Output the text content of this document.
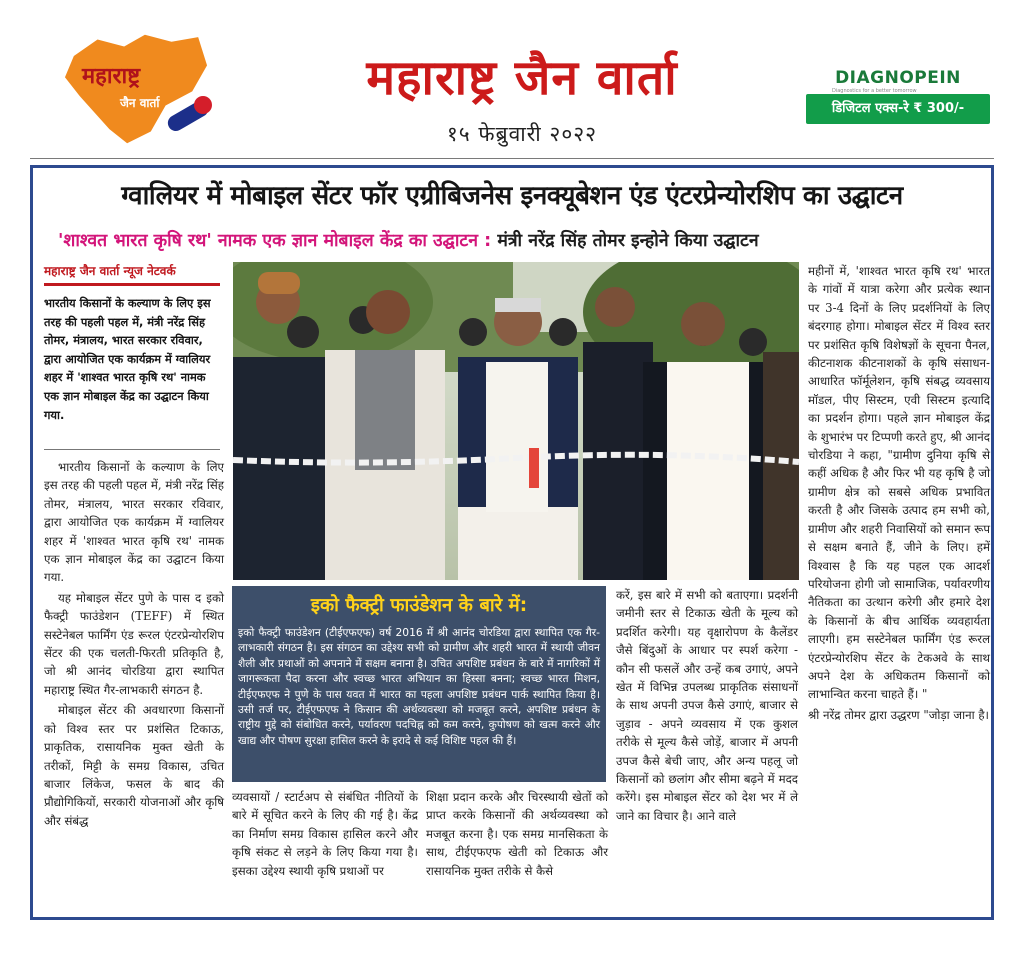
महाराष्ट्र
जैन वार्ता	महाराष्ट्र जैन वार्ता
१५ फेब्रुवारी २०२२
DIAGNOPEIN
Diagnostics for a better tomorrow
डिजिटल एक्स-रे ₹ 300/-
ग्वालियर में मोबाइल सेंटर फॉर एग्रीबिजनेस इनक्यूबेशन एंड एंटरप्रेन्योरशिप का उद्घाटन
'शाश्वत भारत कृषि रथ' नामक एक ज्ञान मोबाइल केंद्र का उद्घाटन : मंत्री नरेंद्र सिंह तोमर इन्होने किया उद्घाटन
महाराष्ट्र जैन वार्ता न्यूज नेटवर्क
भारतीय किसानों के कल्याण के लिए इस तरह की पहली पहल में, मंत्री नरेंद्र सिंह तोमर, मंत्रालय, भारत सरकार रविवार, द्वारा आयोजित एक कार्यक्रम में ग्वालियर शहर में 'शाश्वत भारत कृषि रथ' नामक एक ज्ञान मोबाइल केंद्र का उद्घाटन किया गया.

भारतीय किसानों के कल्याण के लिए इस तरह की पहली पहल में, मंत्री नरेंद्र सिंह तोमर, मंत्रालय, भारत सरकार रविवार, द्वारा आयोजित एक कार्यक्रम में ग्वालियर शहर में 'शाश्वत भारत कृषि रथ' नामक एक ज्ञान मोबाइल केंद्र का उद्घाटन किया गया.

यह मोबाइल सेंटर पुणे के पास द इको फैक्ट्री फाउंडेशन (TEFF) में स्थित सस्टेनेबल फार्मिंग एंड रूरल एंटरप्रेन्योरशिप सेंटर की एक चलती-फिरती प्रतिकृति है, जो श्री आनंद चोरडिया द्वारा स्थापित महाराष्ट्र स्थित गैर-लाभकारी संगठन है.

मोबाइल सेंटर की अवधारणा किसानों को विश्व स्तर पर प्रशंसित टिकाऊ, प्राकृतिक, रासायनिक मुक्त खेती के तरीकों, मिट्टी के समग्र विकास, उचित बाजार लिंकेज, फसल के बाद की प्रौद्योगिकियों, सरकारी योजनाओं और कृषि और संबंद्ध

इको फैक्ट्री फाउंडेशन के बारे में:
इको फैक्ट्री फाउंडेशन (टीईएफएफ) वर्ष 2016 में श्री आनंद चोरडिया द्वारा स्थापित एक गैर-लाभकारी संगठन है। इस संगठन का उद्देश्य सभी को ग्रामीण और शहरी भारत में स्थायी जीवन शैली और प्रथाओं को अपनाने में सक्षम बनाना है। उचित अपशिष्ट प्रबंधन के बारे में नागरिकों में जागरूकता पैदा करना और स्वच्छ भारत अभियान का हिस्सा बनना; स्वच्छ भारत मिशन, टीईएफएफ ने पुणे के पास यवत में भारत का पहला अपशिष्ट प्रबंधन पार्क स्थापित किया है। उसी तर्ज पर, टीईएफएफ ने किसान की अर्थव्यवस्था को मजबूत करने, अपशिष्ट प्रबंधन के राष्ट्रीय मुद्दे को संबोधित करने, पर्यावरण पदचिह्न को कम करने, कुपोषण को खत्म करने और खाद्य और पोषण सुरक्षा हासिल करने के इरादे से कई विशिष्ट पहल की हैं।
व्यवसायों / स्टार्टअप से संबंधित नीतियों के बारे में सूचित करने के लिए की गई है। केंद्र का निर्माण समग्र विकास हासिल करने और कृषि संकट से लड़ने के लिए किया गया है। इसका उद्देश्य स्थायी कृषि प्रथाओं पर
शिक्षा प्रदान करके और चिरस्थायी खेतों को प्राप्त करके किसानों की अर्थव्यवस्था को मजबूत करना है। एक समग्र मानसिकता के साथ, टीईएफएफ खेती को टिकाऊ और रासायनिक मुक्त तरीके से कैसे
करें, इस बारे में सभी को बताएगा। प्रदर्शनी जमीनी स्तर से टिकाऊ खेती के मूल्य को प्रदर्शित करेगी। यह वृक्षारोपण के कैलेंडर जैसे बिंदुओं के आधार पर स्पर्श करेगा - कौन सी फसलें और उन्हें कब उगाएं, अपने खेत में विभिन्न उपलब्ध प्राकृतिक संसाधनों के साथ अपनी उपज कैसे उगाएं, बाजार से जुड़ाव - अपने व्यवसाय में एक कुशल तरीके से मूल्य कैसे जोड़ें, बाजार में अपनी उपज कैसे बेची जाए, और अन्य पहलू जो किसानों को छलांग और सीमा बढ़ने में मदद करेंगे। इस मोबाइल सेंटर को देश भर में ले जाने का विचार है। आने वाले

महीनों में, 'शाश्वत भारत कृषि रथ' भारत के गांवों में यात्रा करेगा और प्रत्येक स्थान पर 3-4 दिनों के लिए प्रदर्शनियों के लिए बंदरगाह होगा। मोबाइल सेंटर में विश्व स्तर पर प्रशंसित कृषि विशेषज्ञों के सूचना पैनल, कीटनाशक कीटनाशकों के कृषि संसाधन-आधारित फॉर्मूलेशन, कृषि संबद्ध व्यवसाय मॉडल, पीए सिस्टम, एवी सिस्टम इत्यादि का प्रदर्शन होगा। पहले ज्ञान मोबाइल केंद्र के शुभारंभ पर टिप्पणी करते हुए, श्री आनंद चोरडिया ने कहा, "ग्रामीण दुनिया कृषि से कहीं अधिक है और फिर भी यह कृषि है जो ग्रामीण क्षेत्र को सबसे अधिक प्रभावित करती है और जिसके उत्पाद हम सभी को, ग्रामीण और शहरी निवासियों को समान रूप से सक्षम बनाते हैं, जीने के लिए। हमें विश्वास है कि यह पहल एक आदर्श परियोजना होगी जो सामाजिक, पर्यावरणीय नैतिकता का उत्थान करेगी और हमारे देश के किसानों के बीच आर्थिक व्यवहार्यता लाएगी। हम सस्टेनेबल फार्मिंग एंड रूरल एंटरप्रेन्योरशिप सेंटर के टेकअवे के साथ अपने देश के अधिकतम किसानों को लाभान्वित करना चाहते हैं। "

श्री नरेंद्र तोमर द्वारा उद्धरण "जोड़ा जाना है।
